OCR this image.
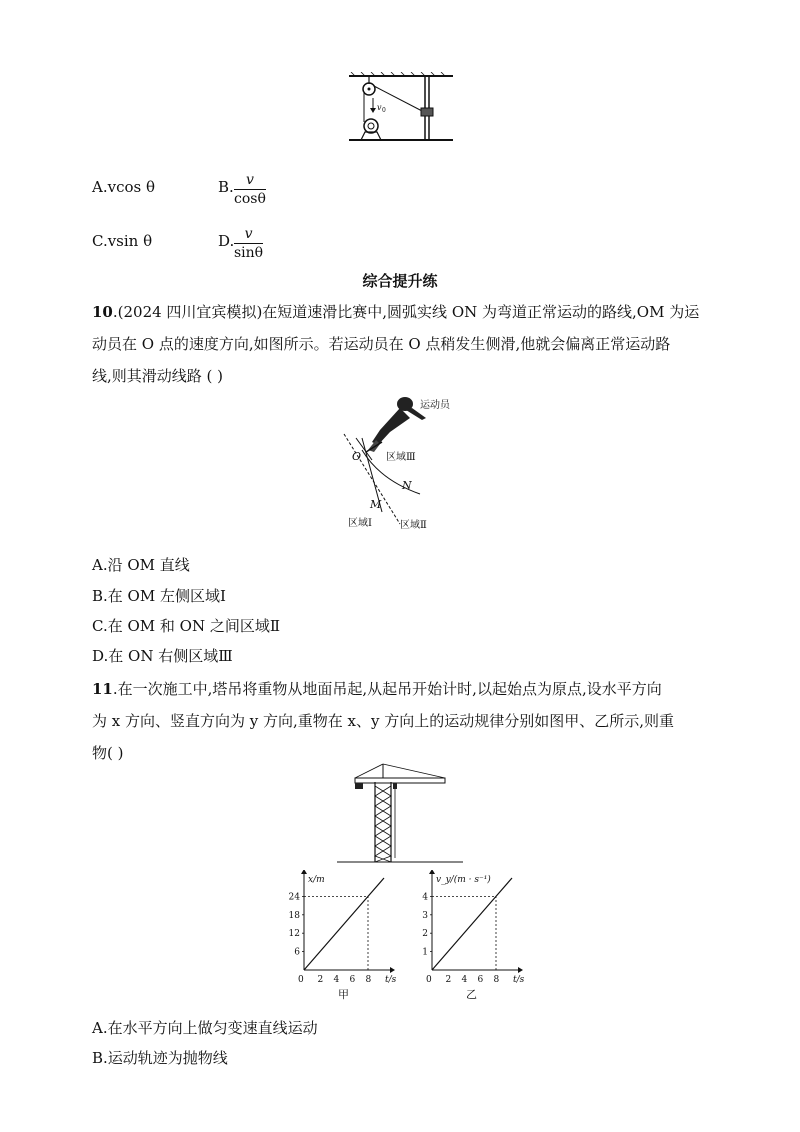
v 0
A.vcos θ	B. v
cosθ
C.vsin θ	D. v
sinθ
综合提升练
10.(2024 四川宜宾模拟)在短道速滑比赛中,圆弧实线 ON 为弯道正常运动的路线,OM 为运
动员在 O 点的速度方向,如图所示。若运动员在 O 点稍发生侧滑,他就会偏离正常运动路
线,则其滑动线路 ( )
运动员
O
N
M
区域Ⅲ
区域Ⅰ	区域Ⅱ
A.沿 OM 直线
B.在 OM 左侧区域Ⅰ
C.在 OM 和 ON 之间区域Ⅱ
D.在 ON 右侧区域Ⅲ
11.在一次施工中,塔吊将重物从地面吊起,从起吊开始计时,以起始点为原点,设水平方向
为 x 方向、竖直方向为 y 方向,重物在 x、y 方向上的运动规律分别如图甲、乙所示,则重
物( )
x/m
t/s
0 2 4 6 8
6
12
18
24
甲
v_y/(m · s⁻¹)
t/s
0 2 4 6 8
1
2
3
4
乙
A.在水平方向上做匀变速直线运动
B.运动轨迹为抛物线
